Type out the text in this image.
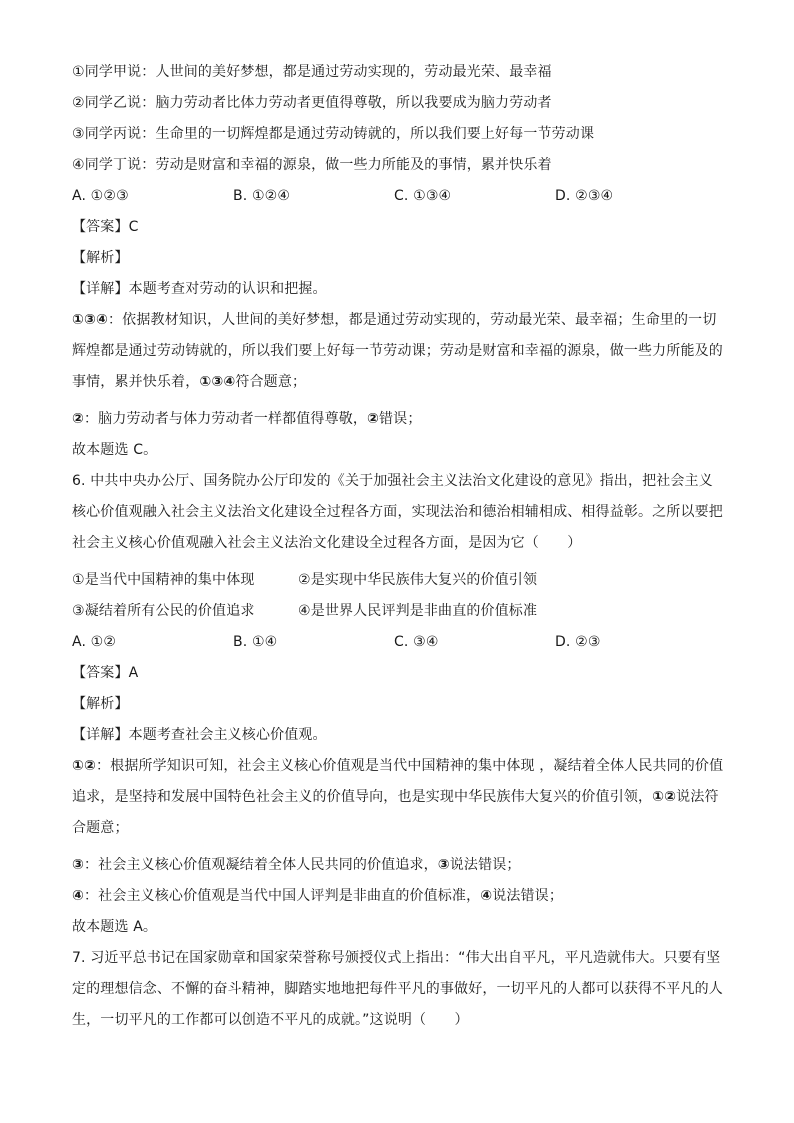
①同学甲说：人世间的美好梦想，都是通过劳动实现的，劳动最光荣、最幸福
②同学乙说：脑力劳动者比体力劳动者更值得尊敬，所以我要成为脑力劳动者
③同学丙说：生命里的一切辉煌都是通过劳动铸就的，所以我们要上好每一节劳动课
④同学丁说：劳动是财富和幸福的源泉，做一些力所能及的事情，累并快乐着
A. ①②③	B. ①②④	C. ①③④	D. ②③④
【答案】C
【解析】
【详解】本题考查对劳动的认识和把握。
①③④：依据教材知识，人世间的美好梦想，都是通过劳动实现的，劳动最光荣、最幸福；生命里的一切辉煌都是通过劳动铸就的，所以我们要上好每一节劳动课；劳动是财富和幸福的源泉，做一些力所能及的事情，累并快乐着，①③④符合题意；
②：脑力劳动者与体力劳动者一样都值得尊敬，②错误；
故本题选 C。
6. 中共中央办公厅、国务院办公厅印发的《关于加强社会主义法治文化建设的意见》指出，把社会主义核心价值观融入社会主义法治文化建设全过程各方面，实现法治和德治相辅相成、相得益彰。之所以要把社会主义核心价值观融入社会主义法治文化建设全过程各方面，是因为它（　　）
①是当代中国精神的集中体现	②是实现中华民族伟大复兴的价值引领
③凝结着所有公民的价值追求	④是世界人民评判是非曲直的价值标准
A. ①②	B. ①④	C. ③④	D. ②③
【答案】A
【解析】
【详解】本题考查社会主义核心价值观。
①②：根据所学知识可知，社会主义核心价值观是当代中国精神的集中体现 ，凝结着全体人民共同的价值追求，是坚持和发展中国特色社会主义的价值导向，也是实现中华民族伟大复兴的价值引领，①②说法符合题意；
③：社会主义核心价值观凝结着全体人民共同的价值追求，③说法错误；
④：社会主义核心价值观是当代中国人评判是非曲直的价值标准，④说法错误；
故本题选 A。
7. 习近平总书记在国家勋章和国家荣誉称号颁授仪式上指出：“伟大出自平凡，平凡造就伟大。只要有坚定的理想信念、不懈的奋斗精神，脚踏实地地把每件平凡的事做好，一切平凡的人都可以获得不平凡的人生，一切平凡的工作都可以创造不平凡的成就。”这说明（　　）
